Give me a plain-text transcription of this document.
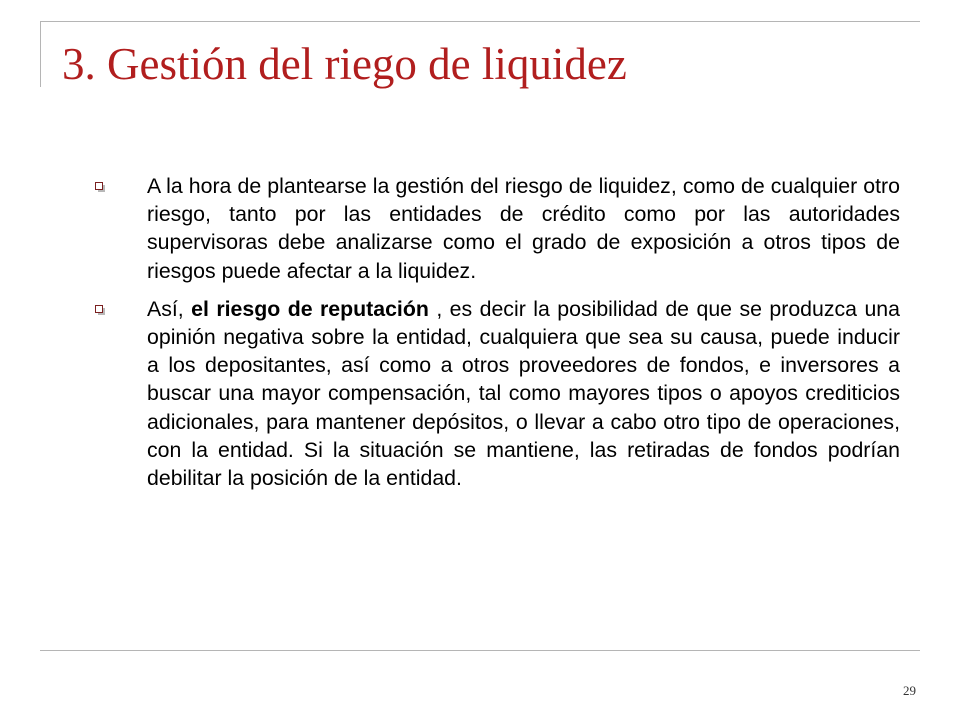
3. Gestión del riego de liquidez
A la hora de plantearse la gestión del riesgo de liquidez, como de cualquier otro riesgo, tanto por las entidades de crédito como por las autoridades supervisoras debe analizarse como el grado de exposición a otros tipos de riesgos puede afectar a la liquidez.
Así, el riesgo de reputación , es decir la posibilidad de que se produzca una opinión negativa sobre la entidad, cualquiera que sea su causa, puede inducir a los depositantes, así como a otros proveedores de fondos, e inversores a buscar una mayor compensación, tal como mayores tipos o apoyos crediticios adicionales, para mantener depósitos, o llevar a cabo otro tipo de operaciones, con la entidad. Si la situación se mantiene, las retiradas de fondos podrían debilitar la posición de la entidad.
29
